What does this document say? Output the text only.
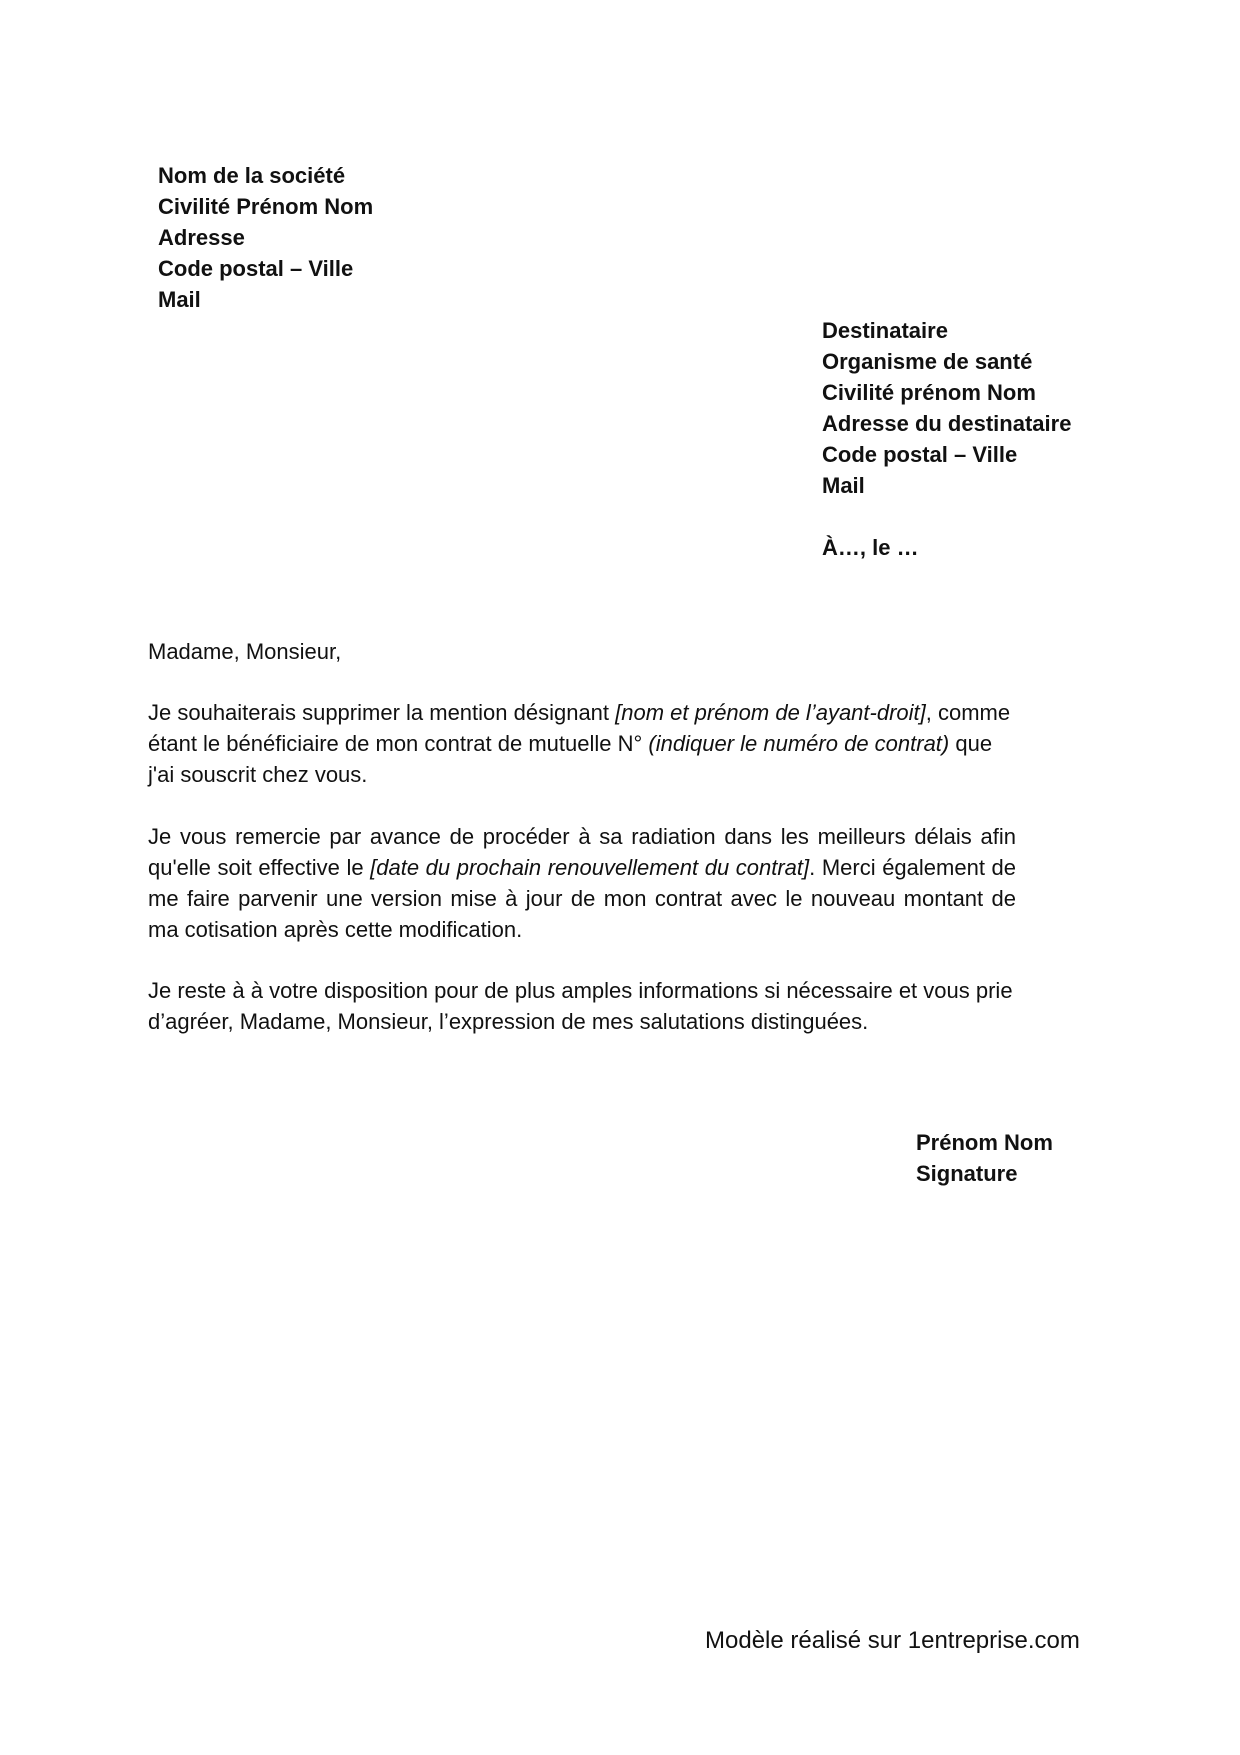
Nom de la société
Civilité Prénom Nom
Adresse
Code postal – Ville
Mail
Destinataire
Organisme de santé
Civilité prénom Nom
Adresse du destinataire
Code postal – Ville
Mail
À…, le …
Madame, Monsieur,
Je souhaiterais supprimer la mention désignant [nom et prénom de l’ayant-droit], comme étant le bénéficiaire de mon contrat de mutuelle N° (indiquer le numéro de contrat) que j'ai souscrit chez vous.
Je vous remercie par avance de procéder à sa radiation dans les meilleurs délais afin qu'elle soit effective le [date du prochain renouvellement du contrat]. Merci également de me faire parvenir une version mise à jour de mon contrat avec le nouveau montant de ma cotisation après cette modification.
Je reste à à votre disposition pour de plus amples informations si nécessaire et vous prie d’agréer, Madame, Monsieur, l’expression de mes salutations distinguées.
Prénom Nom
Signature
Modèle réalisé sur 1entreprise.com
